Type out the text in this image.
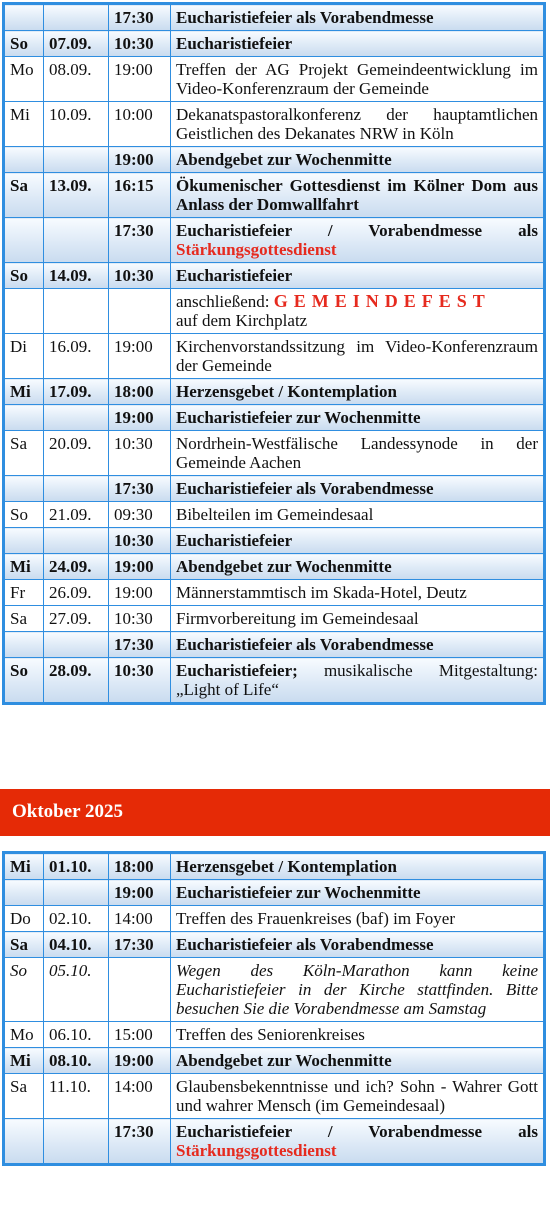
		17:30	Eucharistiefeier als Vorabendmesse
So	07.09.	10:30	Eucharistiefeier
Mo	08.09.	19:00	Treffen der AG Projekt Gemeindeentwicklung im Video-Konferenzraum der Gemeinde
Mi	10.09.	10:00	Dekanatspastoralkonferenz der hauptamtlichen Geistlichen des Dekanates NRW in Köln
		19:00	Abendgebet zur Wochenmitte
Sa	13.09.	16:15	Ökumenischer Gottesdienst im Kölner Dom aus Anlass der Domwallfahrt
		17:30	Eucharistiefeier / Vorabendmesse als Stärkungsgottesdienst
So	14.09.	10:30	Eucharistiefeier
			anschließend: GEMEINDEFEST
auf dem Kirchplatz
Di	16.09.	19:00	Kirchenvorstandssitzung im Video-Konferenzraum der Gemeinde
Mi	17.09.	18:00	Herzensgebet / Kontemplation
		19:00	Eucharistiefeier zur Wochenmitte
Sa	20.09.	10:30	Nordrhein-Westfälische Landessynode in der Gemeinde Aachen
		17:30	Eucharistiefeier als Vorabendmesse
So	21.09.	09:30	Bibelteilen im Gemeindesaal
		10:30	Eucharistiefeier
Mi	24.09.	19:00	Abendgebet zur Wochenmitte
Fr	26.09.	19:00	Männerstammtisch im Skada-Hotel, Deutz
Sa	27.09.	10:30	Firmvorbereitung im Gemeindesaal
		17:30	Eucharistiefeier als Vorabendmesse
So	28.09.	10:30	Eucharistiefeier; musikalische Mitgestaltung: „Light of Life“
Oktober 2025
Mi	01.10.	18:00	Herzensgebet / Kontemplation
		19:00	Eucharistiefeier zur Wochenmitte
Do	02.10.	14:00	Treffen des Frauenkreises (baf) im Foyer
Sa	04.10.	17:30	Eucharistiefeier als Vorabendmesse
So	05.10.		Wegen des Köln-Marathon kann keine Eucharistiefeier in der Kirche stattfinden. Bitte besuchen Sie die Vorabendmesse am Samstag
Mo	06.10.	15:00	Treffen des Seniorenkreises
Mi	08.10.	19:00	Abendgebet zur Wochenmitte
Sa	11.10.	14:00	Glaubensbekenntnisse und ich? Sohn - Wahrer Gott und wahrer Mensch (im Gemeindesaal)
		17:30	Eucharistiefeier / Vorabendmesse als Stärkungsgottesdienst
